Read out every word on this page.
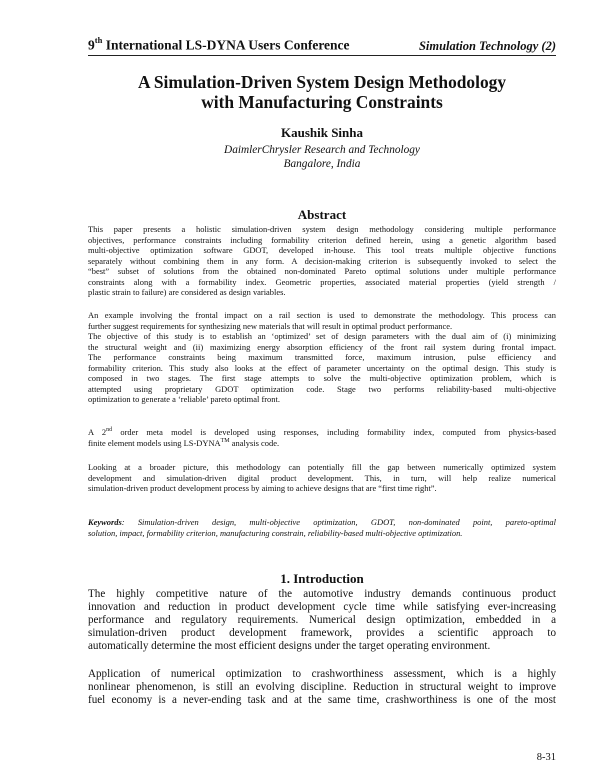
9th International LS-DYNA Users Conference	Simulation Technology (2)
A Simulation-Driven System Design Methodology
with Manufacturing Constraints
Kaushik Sinha
DaimlerChrysler Research and Technology
Bangalore, India
Abstract
This paper presents a holistic simulation-driven system design methodology considering multiple performance
objectives, performance constraints including formability criterion defined herein, using a genetic algorithm based
multi-objective optimization software GDOT, developed in-house. This tool treats multiple objective functions
separately without combining them in any form. A decision-making criterion is subsequently invoked to select the
“best” subset of solutions from the obtained non-dominated Pareto optimal solutions under multiple performance
constraints along with a formability index. Geometric properties, associated material properties (yield strength /
plastic strain to failure) are considered as design variables.
An example involving the frontal impact on a rail section is used to demonstrate the methodology. This process can
further suggest requirements for synthesizing new materials that will result in optimal product performance.
The objective of this study is to establish an ‘optimized’ set of design parameters with the dual aim of (i) minimizing
the structural weight and (ii) maximizing energy absorption efficiency of the front rail system during frontal impact.
The performance constraints being maximum transmitted force, maximum intrusion, pulse efficiency and
formability criterion. This study also looks at the effect of parameter uncertainty on the optimal design. This study is
composed in two stages. The first stage attempts to solve the multi-objective optimization problem, which is
attempted using proprietary GDOT optimization code. Stage two performs reliability-based multi-objective
optimization to generate a ‘reliable’ pareto optimal front.
A 2nd order meta model is developed using responses, including formability index, computed from physics-based
finite element models using LS-DYNA™ analysis code.
Looking at a broader picture, this methodology can potentially fill the gap between numerically optimized system
development and simulation-driven digital product development. This, in turn, will help realize numerical
simulation-driven product development process by aiming to achieve designs that are “first time right”.
Keywords: Simulation-driven design, multi-objective optimization, GDOT, non-dominated point, pareto-optimal
solution, impact, formability criterion, manufacturing constrain, reliability-based multi-objective optimization.
1. Introduction
The highly competitive nature of the automotive industry demands continuous product
innovation and reduction in product development cycle time while satisfying ever-increasing
performance and regulatory requirements. Numerical design optimization, embedded in a
simulation-driven product development framework, provides a scientific approach to
automatically determine the most efficient designs under the target operating environment.
Application of numerical optimization to crashworthiness assessment, which is a highly
nonlinear phenomenon, is still an evolving discipline. Reduction in structural weight to improve
fuel economy is a never-ending task and at the same time, crashworthiness is one of the most
8-31
